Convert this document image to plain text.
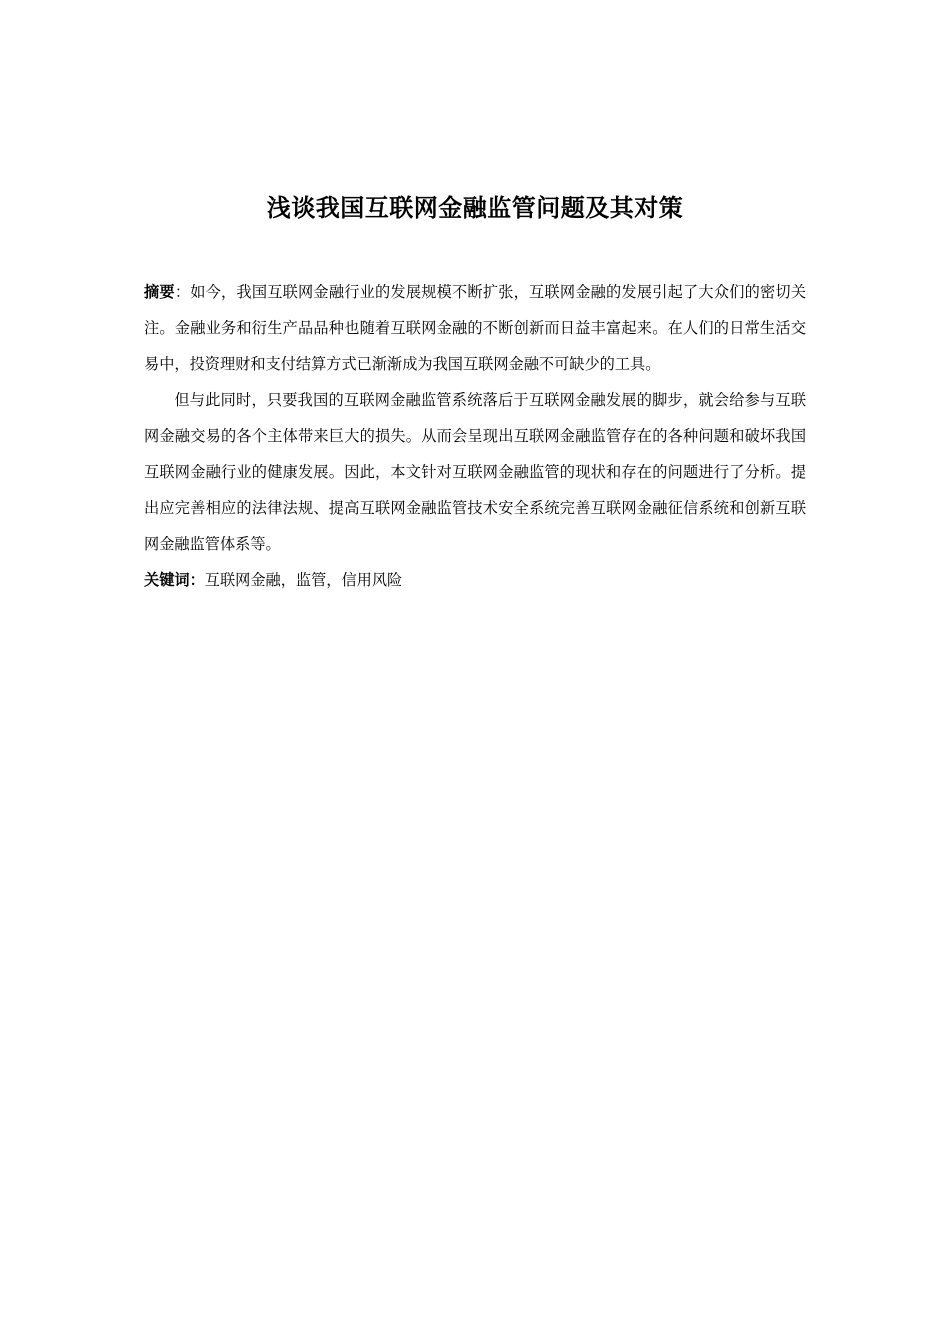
浅谈我国互联网金融监管问题及其对策

摘要：如今，我国互联网金融行业的发展规模不断扩张，互联网金融的发展引起了大众们的密切关注。金融业务和衍生产品品种也随着互联网金融的不断创新而日益丰富起来。在人们的日常生活交易中，投资理财和支付结算方式已渐渐成为我国互联网金融不可缺少的工具。

但与此同时，只要我国的互联网金融监管系统落后于互联网金融发展的脚步，就会给参与互联网金融交易的各个主体带来巨大的损失。从而会呈现出互联网金融监管存在的各种问题和破坏我国互联网金融行业的健康发展。因此，本文针对互联网金融监管的现状和存在的问题进行了分析。提出应完善相应的法律法规、提高互联网金融监管技术安全系统完善互联网金融征信系统和创新互联网金融监管体系等。

关键词：互联网金融，监管，信用风险
